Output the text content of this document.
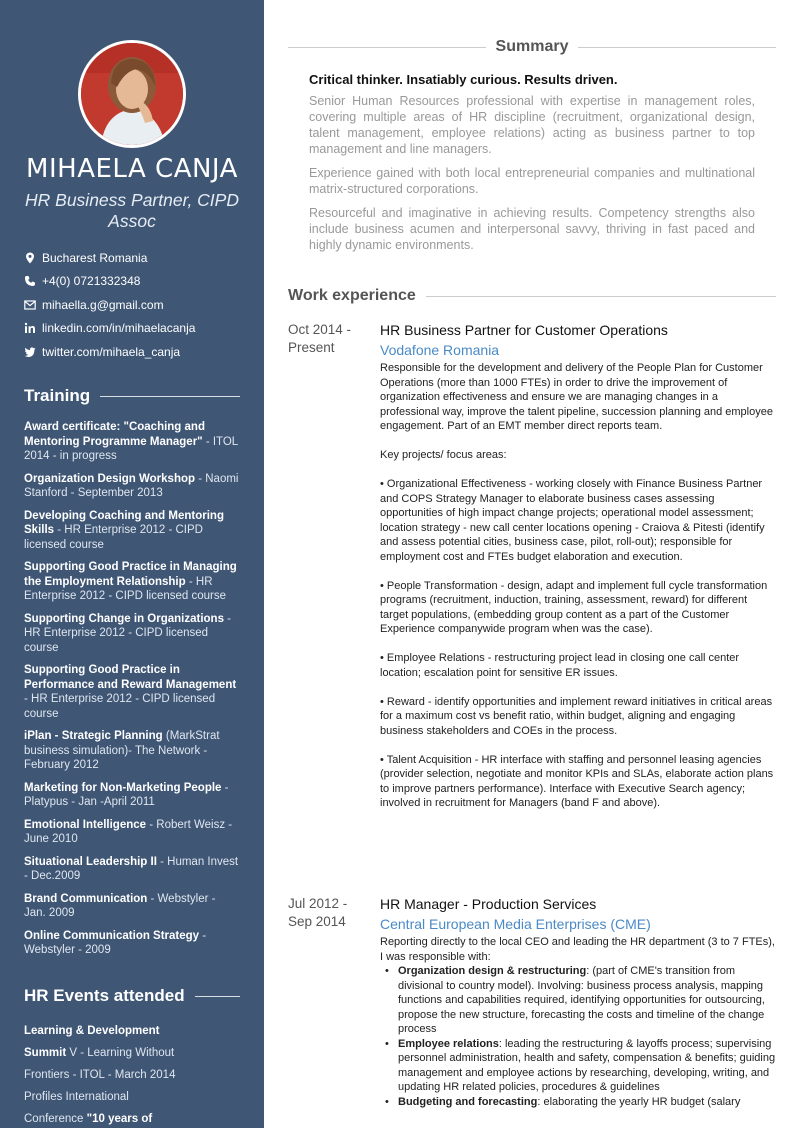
MIHAELA CANJA
HR Business Partner, CIPD Assoc
Bucharest Romania
+4(0) 0721332348
mihaella.g@gmail.com
linkedin.com/in/mihaelacanja
twitter.com/mihaela_canja
Training
Award certificate: "Coaching and Mentoring Programme Manager" - ITOL 2014 - in progress
Organization Design Workshop - Naomi Stanford - September 2013
Developing Coaching and Mentoring Skills - HR Enterprise 2012 - CIPD licensed course
Supporting Good Practice in Managing the Employment Relationship - HR Enterprise 2012 - CIPD licensed course
Supporting Change in Organizations - HR Enterprise 2012 - CIPD licensed course
Supporting Good Practice in Performance and Reward Management - HR Enterprise 2012 - CIPD licensed course
iPlan - Strategic Planning (MarkStrat business simulation)- The Network - February 2012
Marketing for Non-Marketing People - Platypus - Jan -April 2011
Emotional Intelligence - Robert Weisz - June 2010
Situational Leadership II - Human Invest - Dec.2009
Brand Communication - Webstyler - Jan. 2009
Online Communication Strategy - Webstyler - 2009
HR Events attended
Learning & Development
Summit V - Learning Without
Frontiers - ITOL - March 2014
Profiles International
Conference "10 years of
Summary
Critical thinker. Insatiably curious. Results driven.

Senior Human Resources professional with expertise in management roles, covering multiple areas of HR discipline (recruitment, organizational design, talent management, employee relations) acting as business partner to top management and line managers.

Experience gained with both local entrepreneurial companies and multinational matrix-structured corporations.

Resourceful and imaginative in achieving results. Competency strengths also include business acumen and interpersonal savvy, thriving in fast paced and highly dynamic environments.

Work experience
Oct 2014 -
Present
HR Business Partner for Customer Operations
Vodafone Romania

Responsible for the development and delivery of the People Plan for Customer Operations (more than 1000 FTEs) in order to drive the improvement of organization effectiveness and ensure we are managing changes in a professional way, improve the talent pipeline, succession planning and employee engagement. Part of an EMT member direct reports team.

Key projects/ focus areas:

• Organizational Effectiveness - working closely with Finance Business Partner and COPS Strategy Manager to elaborate business cases assessing opportunities of high impact change projects; operational model assessment; location strategy - new call center locations opening - Craiova & Pitesti (identify and assess potential cities, business case, pilot, roll-out); responsible for employment cost and FTEs budget elaboration and execution.

• People Transformation - design, adapt and implement full cycle transformation programs (recruitment, induction, training, assessment, reward) for different target populations, (embedding group content as a part of the Customer Experience companywide program when was the case).

• Employee Relations - restructuring project lead in closing one call center location; escalation point for sensitive ER issues.

• Reward - identify opportunities and implement reward initiatives in critical areas for a maximum cost vs benefit ratio, within budget, aligning and engaging business stakeholders and COEs in the process.

• Talent Acquisition - HR interface with staffing and personnel leasing agencies (provider selection, negotiate and monitor KPIs and SLAs, elaborate action plans to improve partners performance). Interface with Executive Search agency; involved in recruitment for Managers (band F and above).

Jul 2012 -
Sep 2014
HR Manager - Production Services
Central European Media Enterprises (CME)
Reporting directly to the local CEO and leading the HR department (3 to 7 FTEs), I was responsible with:
• Organization design & restructuring: (part of CME's transition from divisional to country model). Involving: business process analysis, mapping functions and capabilities required, identifying opportunities for outsourcing, propose the new structure, forecasting the costs and timeline of the change process
• Employee relations: leading the restructuring & layoffs process; supervising personnel administration, health and safety, compensation & benefits; guiding management and employee actions by researching, developing, writing, and updating HR related policies, procedures & guidelines
• Budgeting and forecasting: elaborating the yearly HR budget (salary
